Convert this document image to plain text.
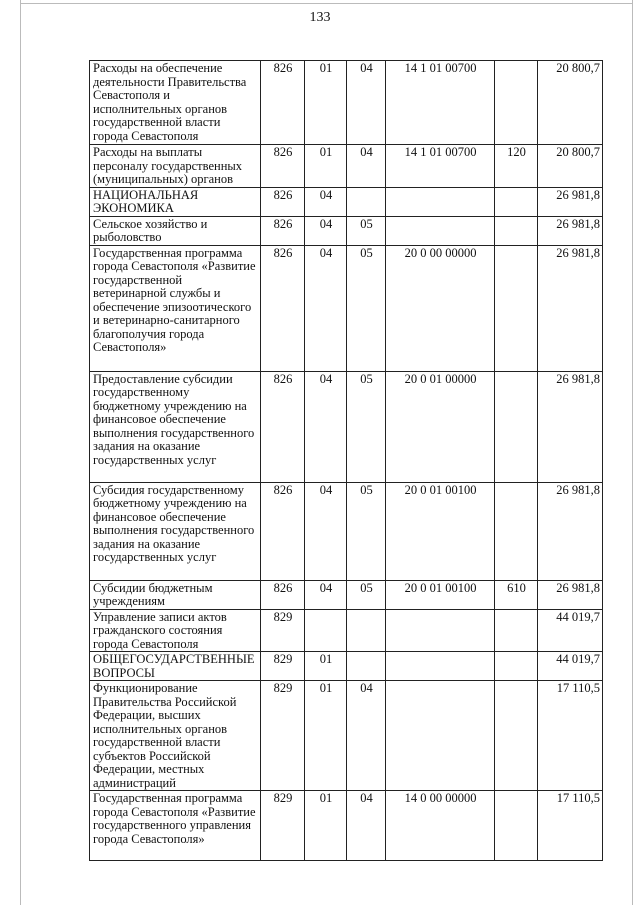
133
Расходы на обеспечение деятельности Правительства Севастополя и исполнительных органов государственной власти города Севастополя	826	01	04	14 1 01 00700		20 800,7
Расходы на выплаты персоналу государственных (муниципальных) органов	826	01	04	14 1 01 00700	120	20 800,7
НАЦИОНАЛЬНАЯ ЭКОНОМИКА	826	04				26 981,8
Сельское хозяйство и рыболовство	826	04	05			26 981,8
Государственная программа города Севастополя «Развитие государственной ветеринарной службы и обеспечение эпизоотического и ветеринарно-санитарного благополучия города Севастополя»	826	04	05	20 0 00 00000		26 981,8
Предоставление субсидии государственному бюджетному учреждению на финансовое обеспечение выполнения государственного задания на оказание государственных услуг	826	04	05	20 0 01 00000		26 981,8
Субсидия государственному бюджетному учреждению на финансовое обеспечение выполнения государственного задания на оказание государственных услуг	826	04	05	20 0 01 00100		26 981,8
Субсидии бюджетным учреждениям	826	04	05	20 0 01 00100	610	26 981,8
Управление записи актов гражданского состояния города Севастополя	829					44 019,7
ОБЩЕГОСУДАРСТВЕННЫЕ ВОПРОСЫ	829	01				44 019,7
Функционирование Правительства Российской Федерации, высших исполнительных органов государственной власти субъектов Российской Федерации, местных администраций	829	01	04			17 110,5
Государственная программа города Севастополя «Развитие государственного управления города Севастополя»	829	01	04	14 0 00 00000		17 110,5
